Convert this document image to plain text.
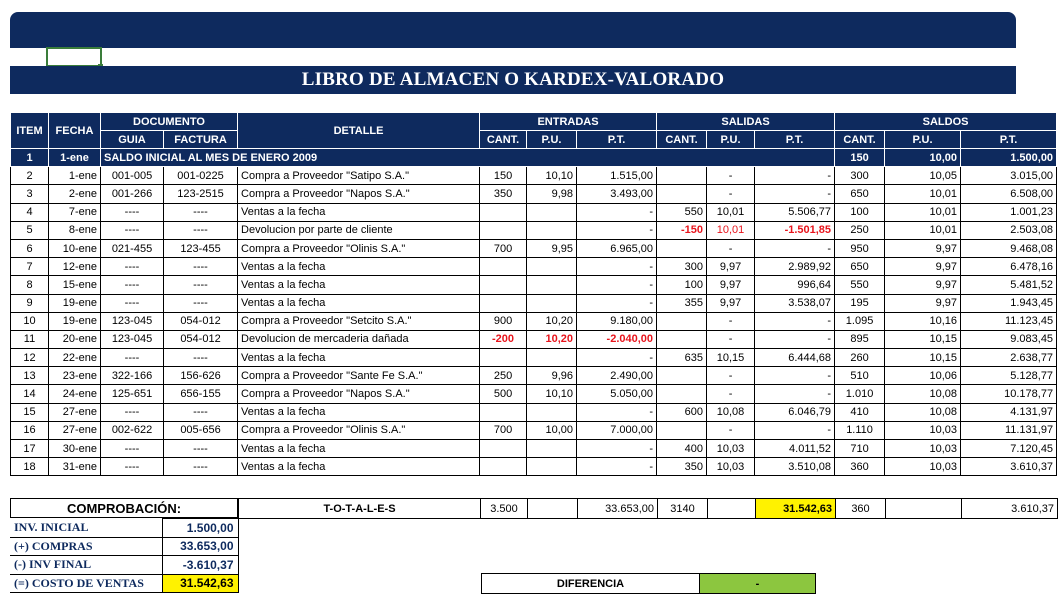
LIBRO DE ALMACEN O KARDEX-VALORADO
ITEM	FECHA	DOCUMENTO		DETALLE	ENTRADAS			SALIDAS			SALDOS		
		GUIA	FACTURA		CANT.	P.U.	P.T.	CANT.	P.U.	P.T.	CANT.	P.U.	P.T.
1	1-ene	SALDO INICIAL AL MES DE ENERO 2009									150	10,00	1.500,00
2	1-ene	001-005	001-0225	Compra a Proveedor "Satipo S.A."	150	10,10	1.515,00		-	-	300	10,05	3.015,00
3	2-ene	001-266	123-2515	Compra a Proveedor "Napos S.A."	350	9,98	3.493,00		-	-	650	10,01	6.508,00
4	7-ene	----	----	Ventas a la fecha			-	550	10,01	5.506,77	100	10,01	1.001,23
5	8-ene	----	----	Devolucion por parte de cliente			-	-150	10,01	-1.501,85	250	10,01	2.503,08
6	10-ene	021-455	123-455	Compra a Proveedor "Olinis S.A."	700	9,95	6.965,00		-	-	950	9,97	9.468,08
7	12-ene	----	----	Ventas a la fecha			-	300	9,97	2.989,92	650	9,97	6.478,16
8	15-ene	----	----	Ventas a la fecha			-	100	9,97	996,64	550	9,97	5.481,52
9	19-ene	----	----	Ventas a la fecha			-	355	9,97	3.538,07	195	9,97	1.943,45
10	19-ene	123-045	054-012	Compra a Proveedor "Setcito S.A."	900	10,20	9.180,00		-	-	1.095	10,16	11.123,45
11	20-ene	123-045	054-012	Devolucion de mercaderia dañada	-200	10,20	-2.040,00		-	-	895	10,15	9.083,45
12	22-ene	----	----	Ventas a la fecha			-	635	10,15	6.444,68	260	10,15	2.638,77
13	23-ene	322-166	156-626	Compra a Proveedor "Sante Fe S.A."	250	9,96	2.490,00		-	-	510	10,06	5.128,77
14	24-ene	125-651	656-155	Compra a Proveedor "Napos S.A."	500	10,10	5.050,00		-	-	1.010	10,08	10.178,77
15	27-ene	----	----	Ventas a la fecha			-	600	10,08	6.046,79	410	10,08	4.131,97
16	27-ene	002-622	005-656	Compra a Proveedor "Olinis S.A."	700	10,00	7.000,00		-	-	1.110	10,03	11.131,97
17	30-ene	----	----	Ventas a la fecha			-	400	10,03	4.011,52	710	10,03	7.120,45
18	31-ene	----	----	Ventas a la fecha			-	350	10,03	3.510,08	360	10,03	3.610,37
COMPROBACIÓN:	T-O-T-A-L-E-S	3.500		33.653,00	3140		31.542,63	360		3.610,37
INV. INICIAL	1.500,00
(+) COMPRAS	33.653,00
(-) INV FINAL	-3.610,37
(=) COSTO DE VENTAS	31.542,63	DIFERENCIA	-
